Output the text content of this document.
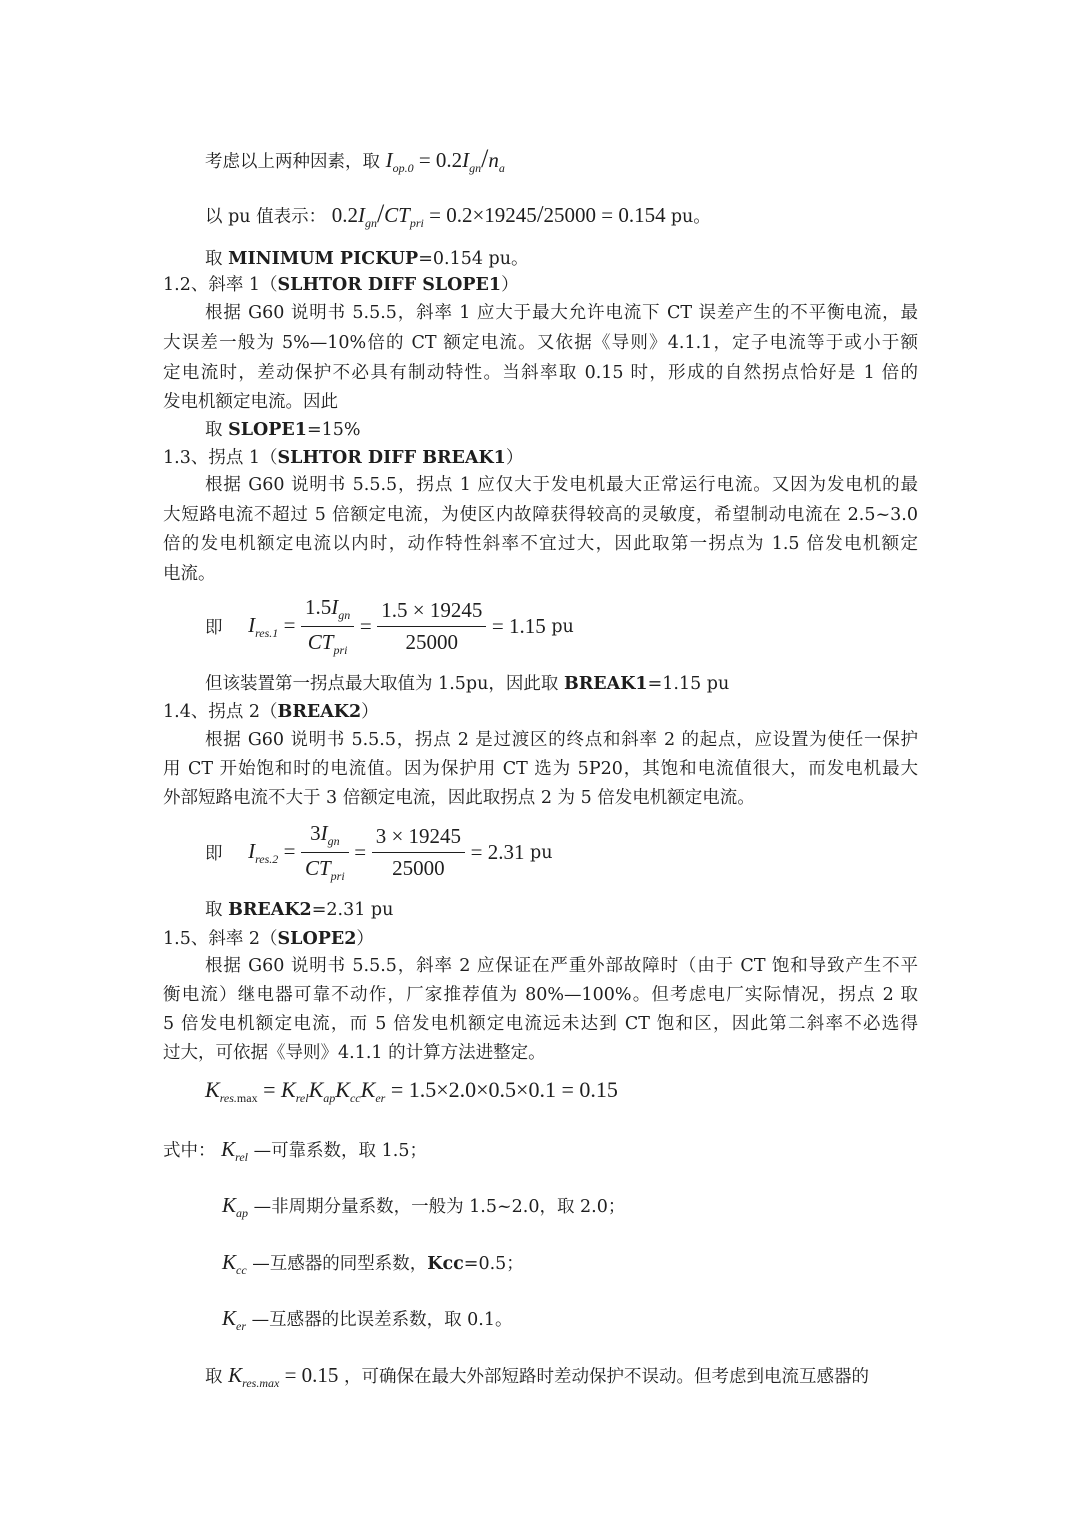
考虑以上两种因素，取 $I_{op.0} = 0.2I_{gn}/n_a$
以 pu 值表示： $0.2I_{gn}/CT_{pri} = 0.2\times 19245/25000 = 0.154$ pu。
取 MINIMUM PICKUP=0.154 pu。
1.2、斜率 1（SLHTOR DIFF SLOPE1）
根据 G60 说明书 5.5.5，斜率 1 应大于最大允许电流下 CT 误差产生的不平衡电流，最
大误差一般为 5%—10%倍的 CT 额定电流。又依据《导则》4.1.1，定子电流等于或小于额
定电流时，差动保护不必具有制动特性。当斜率取 0.15 时，形成的自然拐点恰好是 1 倍的
发电机额定电流。因此
取 SLOPE1=15%
1.3、拐点 1（SLHTOR DIFF BREAK1）
根据 G60 说明书 5.5.5，拐点 1 应仅大于发电机最大正常运行电流。又因为发电机的最
大短路电流不超过 5 倍额定电流，为使区内故障获得较高的灵敏度，希望制动电流在 2.5~3.0
倍的发电机额定电流以内时，动作特性斜率不宜过大，因此取第一拐点为 1.5 倍发电机额定
电流。
即 $I_{res.1} = \frac{1.5I_{gn}}{CT_{pri}} = \frac{1.5 \times 19245}{25000} = 1.15$ pu
但该装置第一拐点最大取值为 1.5pu，因此取 BREAK1=1.15 pu
1.4、拐点 2（BREAK2）
根据 G60 说明书 5.5.5，拐点 2 是过渡区的终点和斜率 2 的起点，应设置为使任一保护
用 CT 开始饱和时的电流值。因为保护用 CT 选为 5P20，其饱和电流值很大，而发电机最大
外部短路电流不大于 3 倍额定电流，因此取拐点 2 为 5 倍发电机额定电流。
即 $I_{res.2} = \frac{3I_{gn}}{CT_{pri}} = \frac{3 \times 19245}{25000} = 2.31$ pu
取 BREAK2=2.31 pu
1.5、斜率 2（SLOPE2）
根据 G60 说明书 5.5.5，斜率 2 应保证在严重外部故障时（由于 CT 饱和导致产生不平
衡电流）继电器可靠不动作，厂家推荐值为 80%—100%。但考虑电厂实际情况，拐点 2 取
5 倍发电机额定电流，而 5 倍发电机额定电流远未达到 CT 饱和区，因此第二斜率不必选得
过大，可依据《导则》4.1.1 的计算方法进整定。
$K_{res.max} = K_{rel}K_{ap}K_{cc}K_{er} = 1.5\times 2.0\times 0.5\times 0.1 = 0.15$
式中： $K_{rel}$ —可靠系数，取 1.5；
$K_{ap}$ —非周期分量系数，一般为 1.5~2.0，取 2.0；
$K_{cc}$ —互感器的同型系数，Kcc=0.5；
$K_{er}$ —互感器的比误差系数，取 0.1。
取 $K_{res.max} = 0.15$ ，可确保在最大外部短路时差动保护不误动。但考虑到电流互感器的
